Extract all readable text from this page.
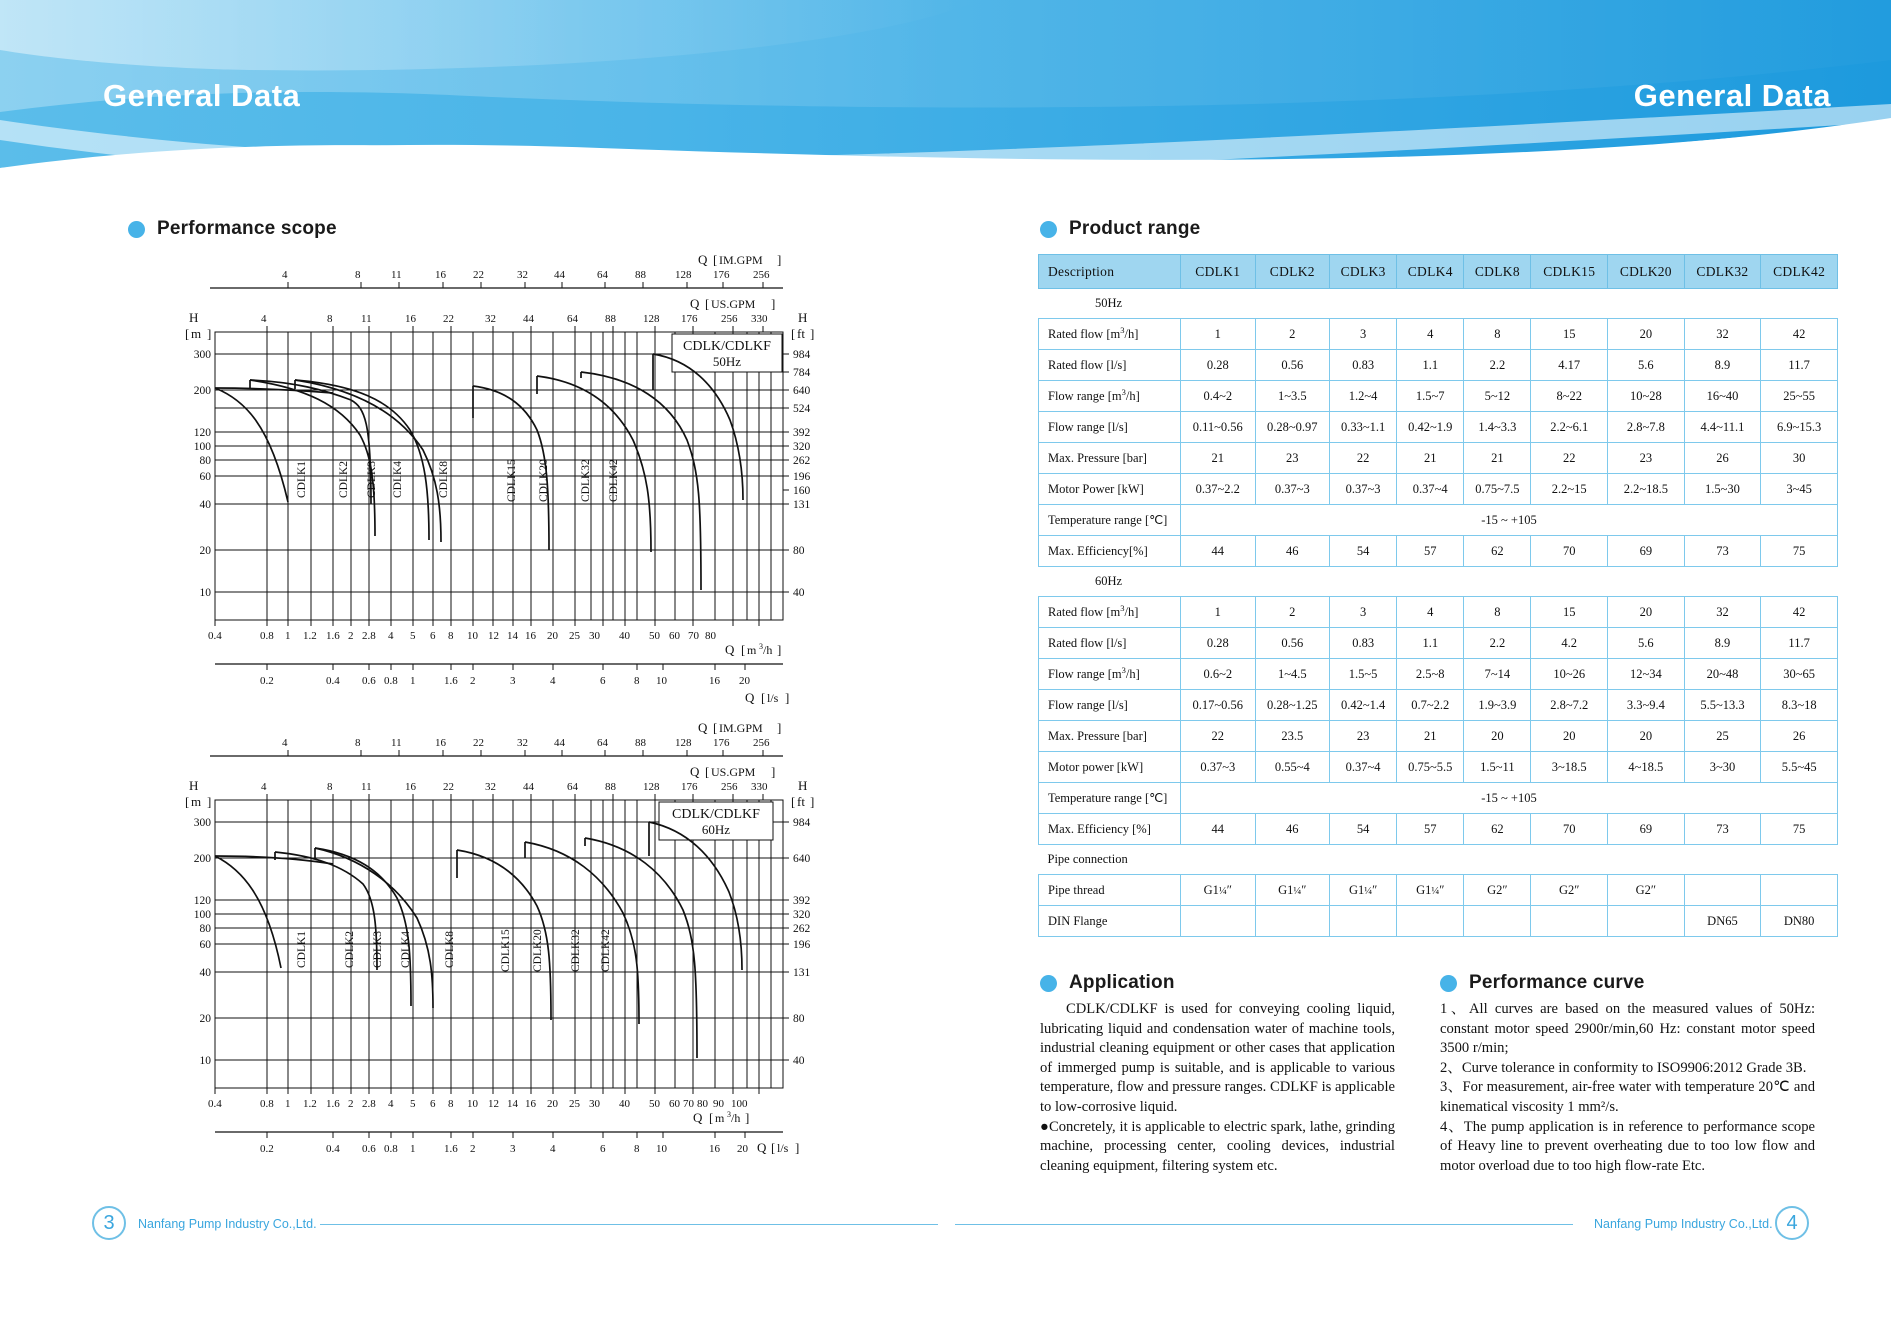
General Data	General Data
Performance scope	Product range
Application	Performance curve
Q [ IM.GPM ]
4	8	11	16 22	32 44	64 88	128 176 256
Q [ US.GPM ]
4	8	11	16 22	32 44	64 88 128 176 256 330
H
[ m ]
H
[ ft ]
300
200
120
100
80
60
40
20
10
984
784
640
524
392
320
262
196
160
131
80
40
CDLK/CDLKF
50Hz
CDLK1	CDLK2 CDLK3 CDLK4	CDLK8	CDLK15 CDLK20	CDLK32 CDLK42
0.4	0.8 1 1.2 1.6 2 2.8 4 5 6 8 10 12 14 16 20 25 30 40 50 60 70 80
Q [ m 3 /h ]
0.2	0.4 0.6 0.8 1	1.6 2	3	4	6	8 10	16 20
Q [ l/s ]
Q [ IM.GPM ]
4	8	11	16 22	32 44	64 88	128 176 256
Q [ US.GPM ]
4	8	11	16 22	32 44	64 88 128 176 256 330
H
[ m ]
H
[ ft ]
300
200
120
100
80
60
40
20
10
984
640
392
320
262
196
131
80
40
CDLK/CDLKF
60Hz
CDLK1	CDLK2 CDLK3 CDLK4	CDLK8	CDLK15 CDLK20 CDLK32 CDLK42
0.4	0.8 1 1.2 1.6 2 2.8 4 5 6 8 10 12 14 16 20 25 30 40 50 60 70 80 90 100
Q [ m 3 /h ]
0.2	0.4 0.6 0.8 1	1.6 2	3	4	6	8 10	16 20 Q [ l/s ]
Description	CDLK1	CDLK2	CDLK3	CDLK4	CDLK8	CDLK15	CDLK20	CDLK32	CDLK42
50Hz									
Rated flow $[m^3/h]$	1	2	3	4	8	15	20	32	42
Rated flow [l/s]	0.28	0.56	0.83	1.1	2.2	4.17	5.6	8.9	11.7
Flow range $[m^3/h]$	0.4~2	1~3.5	1.2~4	1.5~7	5~12	8~22	10~28	16~40	25~55
Flow range [l/s]	0.11~0.56	0.28~0.97	0.33~1.1	0.42~1.9	1.4~3.3	2.2~6.1	2.8~7.8	4.4~11.1	6.9~15.3
Max. Pressure [bar]	21	23	22	21	21	22	23	26	30
Motor Power [kW]	0.37~2.2	0.37~3	0.37~3	0.37~4	0.75~7.5	2.2~15	2.2~18.5	1.5~30	3~45
Temperature range [℃]	-15 ~ +105								
Max. Efficiency[%]	44	46	54	57	62	70	69	73	75
60Hz									
Rated flow $[m^3/h]$	1	2	3	4	8	15	20	32	42
Rated flow [l/s]	0.28	0.56	0.83	1.1	2.2	4.2	5.6	8.9	11.7
Flow range $[m^3/h]$	0.6~2	1~4.5	1.5~5	2.5~8	7~14	10~26	12~34	20~48	30~65
Flow range [l/s]	0.17~0.56	0.28~1.25	0.42~1.4	0.7~2.2	1.9~3.9	2.8~7.2	3.3~9.4	5.5~13.3	8.3~18
Max. Pressure [bar]	22	23.5	23	21	20	20	20	25	26
Motor power [kW]	0.37~3	0.55~4	0.37~4	0.75~5.5	1.5~11	3~18.5	4~18.5	3~30	5.5~45
Temperature range [℃]	-15 ~ +105								
Max. Efficiency [%]	44	46	54	57	62	70	69	73	75
Pipe connection									
Pipe thread	G1¼″	G1¼″	G1¼″	G1¼″	G2″	G2″	G2″		
DIN Flange								DN65	DN80

CDLK/CDLKF is used for conveying cooling liquid, lubricating liquid and condensation water of machine tools, industrial cleaning equipment or other cases that application of immerged pump is suitable, and is applicable to various temperature, flow and pressure ranges. CDLKF is applicable to low-corrosive liquid.

●Concretely, it is applicable to electric spark, lathe, grinding machine, processing center, cooling devices, industrial cleaning equipment, filtering system etc.

1、All curves are based on the measured values of 50Hz: constant motor speed 2900r/min,60 Hz: constant motor speed 3500 r/min;

2、Curve tolerance in conformity to ISO9906:2012 Grade 3B.

3、For measurement, air-free water with temperature 20℃ and kinematical viscosity 1 mm²/s.

4、The pump application is in reference to performance scope of Heavy line to prevent overheating due to too low flow and motor overload due to too high flow-rate Etc.

3	Nanfang Pump Industry Co.,Ltd.	Nanfang Pump Industry Co.,Ltd. 4
